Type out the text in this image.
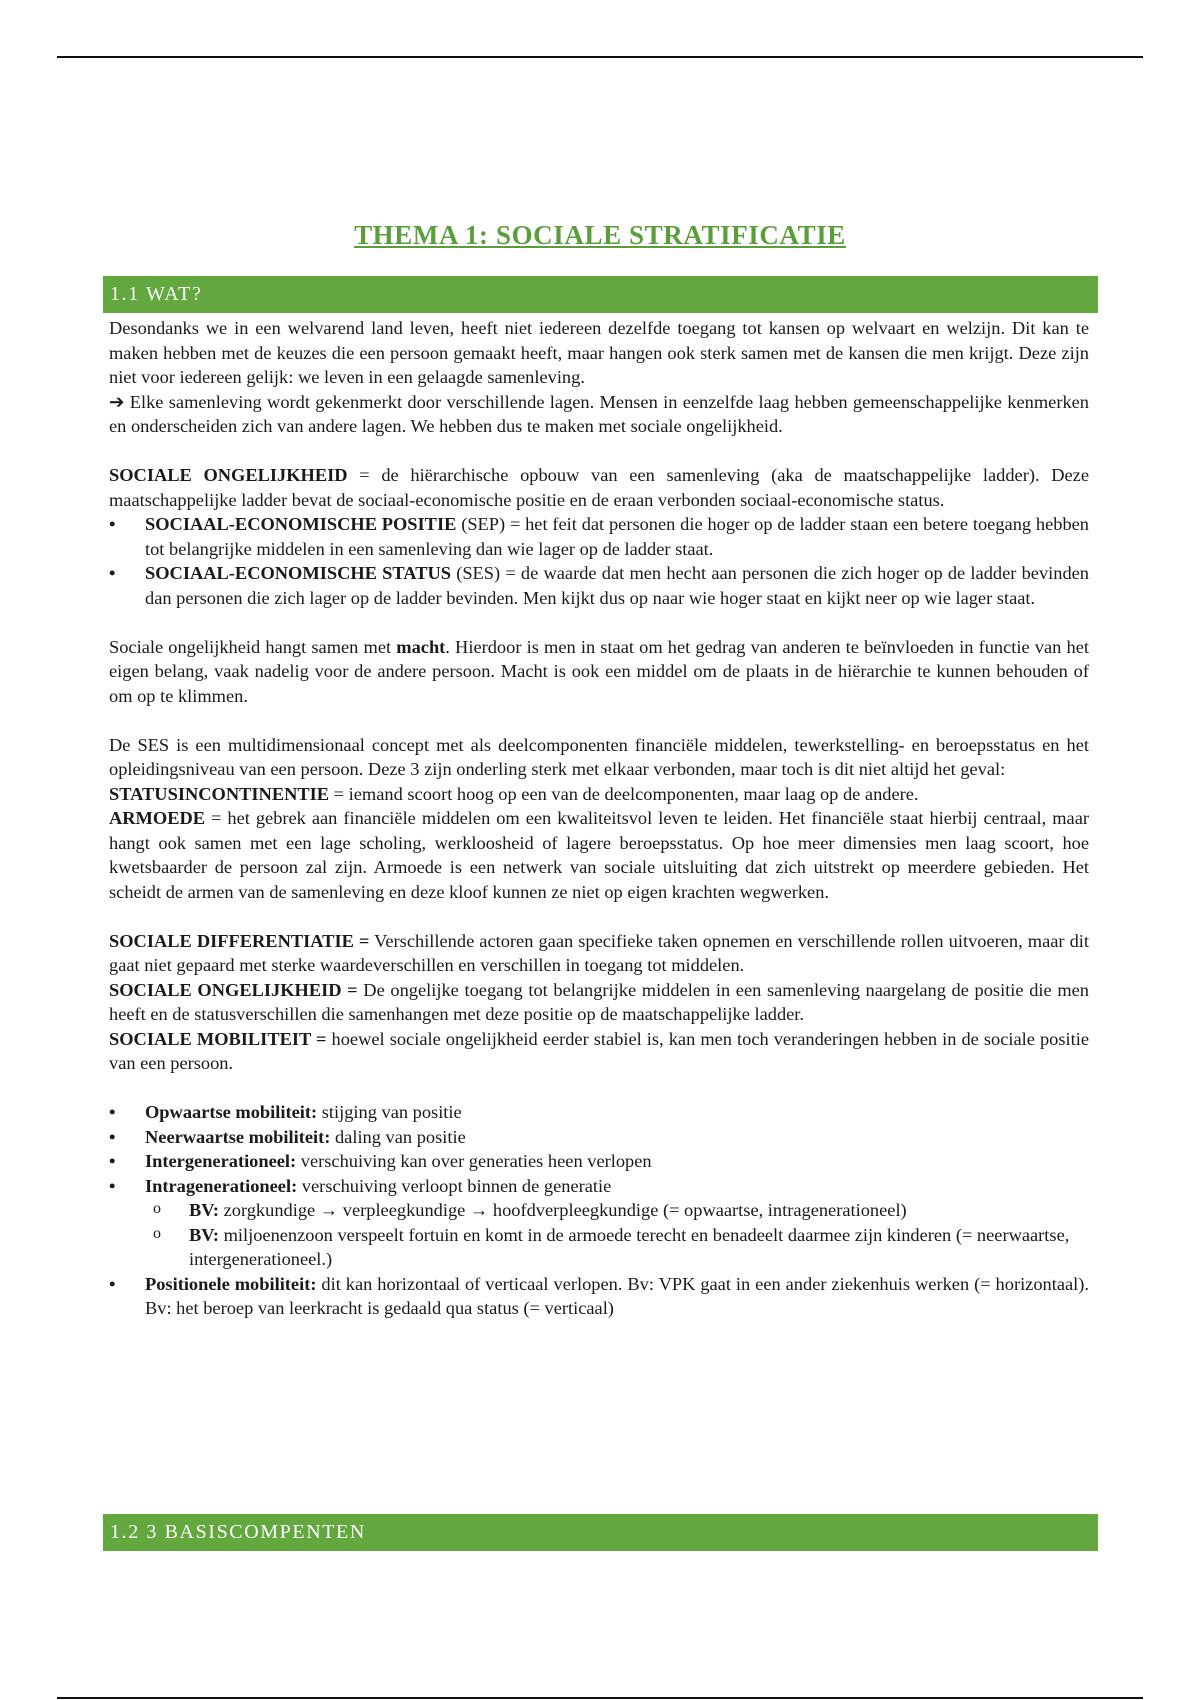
THEMA 1: SOCIALE STRATIFICATIE
1.1 WAT?

Desondanks we in een welvarend land leven, heeft niet iedereen dezelfde toegang tot kansen op welvaart en welzijn. Dit kan te maken hebben met de keuzes die een persoon gemaakt heeft, maar hangen ook sterk samen met de kansen die men krijgt. Deze zijn niet voor iedereen gelijk: we leven in een gelaagde samenleving.

➔ Elke samenleving wordt gekenmerkt door verschillende lagen. Mensen in eenzelfde laag hebben gemeenschappelijke kenmerken en onderscheiden zich van andere lagen. We hebben dus te maken met sociale ongelijkheid.

SOCIALE ONGELIJKHEID = de hiërarchische opbouw van een samenleving (aka de maatschappelijke ladder). Deze maatschappelijke ladder bevat de sociaal-economische positie en de eraan verbonden sociaal-economische status.

• SOCIAAL-ECONOMISCHE POSITIE (SEP) = het feit dat personen die hoger op de ladder staan een betere toegang hebben tot belangrijke middelen in een samenleving dan wie lager op de ladder staat.

• SOCIAAL-ECONOMISCHE STATUS (SES) = de waarde dat men hecht aan personen die zich hoger op de ladder bevinden dan personen die zich lager op de ladder bevinden. Men kijkt dus op naar wie hoger staat en kijkt neer op wie lager staat.

Sociale ongelijkheid hangt samen met macht. Hierdoor is men in staat om het gedrag van anderen te beïnvloeden in functie van het eigen belang, vaak nadelig voor de andere persoon. Macht is ook een middel om de plaats in de hiërarchie te kunnen behouden of om op te klimmen.

De SES is een multidimensionaal concept met als deelcomponenten financiële middelen, tewerkstelling- en beroepsstatus en het opleidingsniveau van een persoon. Deze 3 zijn onderling sterk met elkaar verbonden, maar toch is dit niet altijd het geval:

STATUSINCONTINENTIE = iemand scoort hoog op een van de deelcomponenten, maar laag op de andere.

ARMOEDE = het gebrek aan financiële middelen om een kwaliteitsvol leven te leiden. Het financiële staat hierbij centraal, maar hangt ook samen met een lage scholing, werkloosheid of lagere beroepsstatus. Op hoe meer dimensies men laag scoort, hoe kwetsbaarder de persoon zal zijn. Armoede is een netwerk van sociale uitsluiting dat zich uitstrekt op meerdere gebieden. Het scheidt de armen van de samenleving en deze kloof kunnen ze niet op eigen krachten wegwerken.

SOCIALE DIFFERENTIATIE = Verschillende actoren gaan specifieke taken opnemen en verschillende rollen uitvoeren, maar dit gaat niet gepaard met sterke waardeverschillen en verschillen in toegang tot middelen.

SOCIALE ONGELIJKHEID = De ongelijke toegang tot belangrijke middelen in een samenleving naargelang de positie die men heeft en de statusverschillen die samenhangen met deze positie op de maatschappelijke ladder.

SOCIALE MOBILITEIT = hoewel sociale ongelijkheid eerder stabiel is, kan men toch veranderingen hebben in de sociale positie van een persoon.

• Opwaartse mobiliteit: stijging van positie

• Neerwaartse mobiliteit: daling van positie

• Intergenerationeel: verschuiving kan over generaties heen verlopen

• Intragenerationeel: verschuiving verloopt binnen de generatie

o BV: zorgkundige → verpleegkundige → hoofdverpleegkundige (= opwaartse, intragenerationeel)

o BV: miljoenenzoon verspeelt fortuin en komt in de armoede terecht en benadeelt daarmee zijn kinderen (= neerwaartse, intergenerationeel.)

• Positionele mobiliteit: dit kan horizontaal of verticaal verlopen. Bv: VPK gaat in een ander ziekenhuis werken (= horizontaal). Bv: het beroep van leerkracht is gedaald qua status (= verticaal)

1.2 3 BASISCOMPENTEN
